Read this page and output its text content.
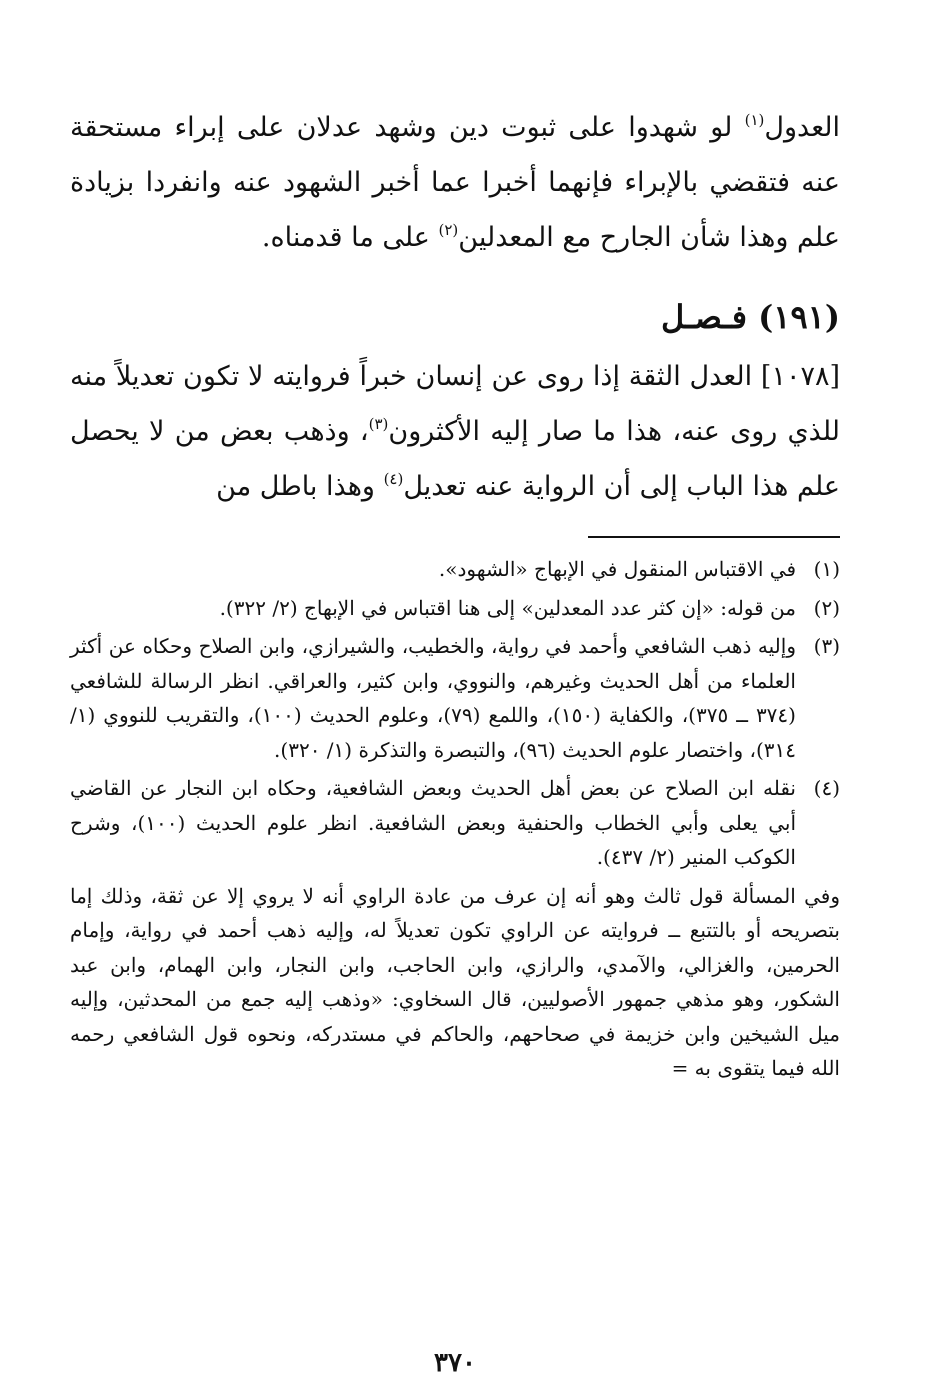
العدول$^{(١)}$ لو شهدوا على ثبوت دين وشهد عدلان على إبراء مستحقة عنه فتقضي بالإبراء فإنهما أخبرا عما أخبر الشهود عنه وانفردا بزيادة علم وهذا شأن الجارح مع المعدلين$^{(٢)}$ على ما قدمناه.

(١٩١) فـصـل

[١٠٧٨] العدل الثقة إذا روى عن إنسان خبراً فروايته لا تكون تعديلاً منه للذي روى عنه، هذا ما صار إليه الأكثرون$^{(٣)}$، وذهب بعض من لا يحصل علم هذا الباب إلى أن الرواية عنه تعديل$^{(٤)}$ وهذا باطل من

(١)
في الاقتباس المنقول في الإبهاج «الشهود».
(٢)
من قوله: «إن كثر عدد المعدلين» إلى هنا اقتباس في الإبهاج (٢/ ٣٢٢).
(٣)
وإليه ذهب الشافعي وأحمد في رواية، والخطيب، والشيرازي، وابن الصلاح وحكاه عن أكثر العلماء من أهل الحديث وغيرهم، والنووي، وابن كثير، والعراقي. انظر الرسالة للشافعي (٣٧٤ ــ ٣٧٥)، والكفاية (١٥٠)، واللمع (٧٩)، وعلوم الحديث (١٠٠)، والتقريب للنووي (١/ ٣١٤)، واختصار علوم الحديث (٩٦)، والتبصرة والتذكرة (١/ ٣٢٠).
(٤)
نقله ابن الصلاح عن بعض أهل الحديث وبعض الشافعية، وحكاه ابن النجار عن القاضي أبي يعلى وأبي الخطاب والحنفية وبعض الشافعية. انظر علوم الحديث (١٠٠)، وشرح الكوكب المنير (٢/ ٤٣٧).
وفي المسألة قول ثالث وهو أنه إن عرف من عادة الراوي أنه لا يروي إلا عن ثقة، وذلك إما بتصريحه أو بالتتبع ــ فروايته عن الراوي تكون تعديلاً له، وإليه ذهب أحمد في رواية، وإمام الحرمين، والغزالي، والآمدي، والرازي، وابن الحاجب، وابن النجار، وابن الهمام، وابن عبد الشكور، وهو مذهي جمهور الأصوليين، قال السخاوي: «وذهب إليه جمع من المحدثين، وإليه ميل الشيخين وابن خزيمة في صحاحهم، والحاكم في مستدركه، ونحوه قول الشافعي رحمه الله فيما يتقوى به =
٣٧٠
